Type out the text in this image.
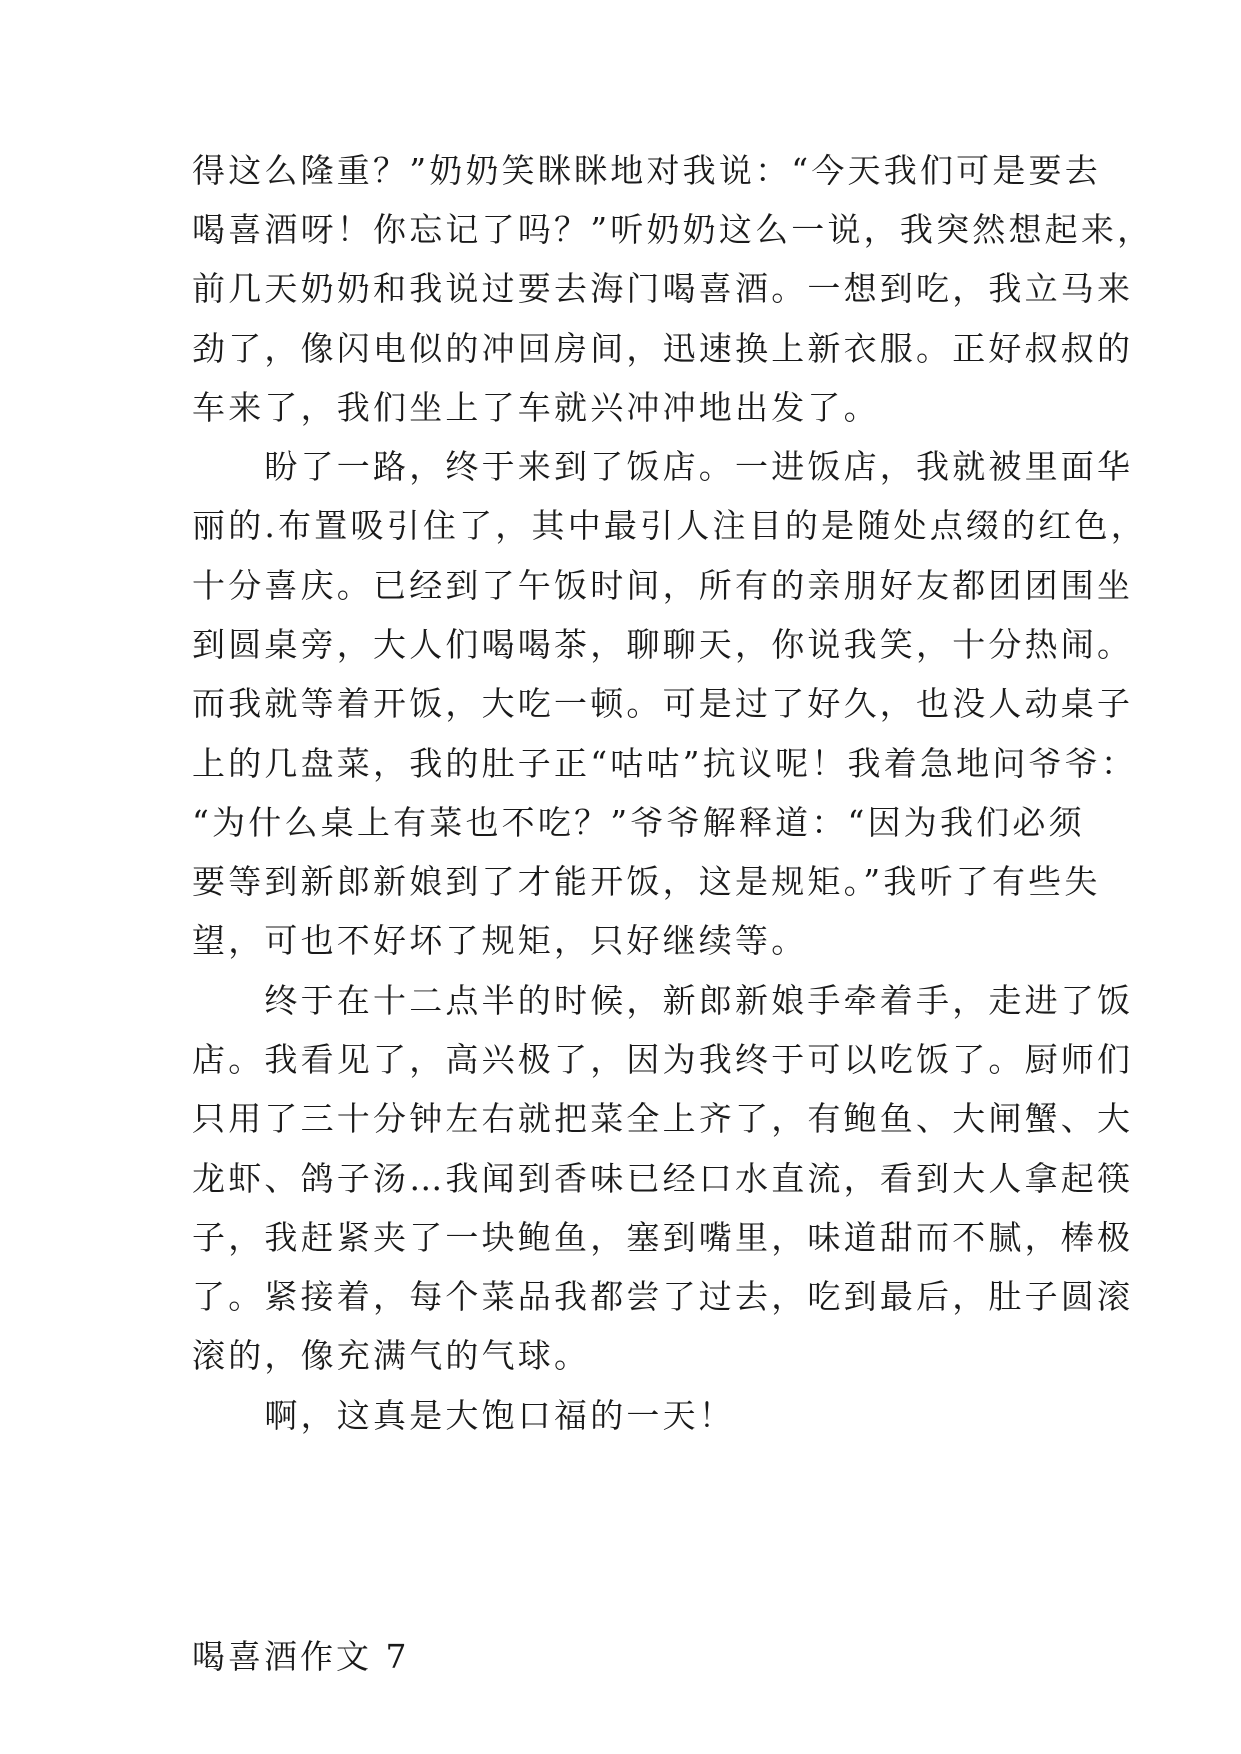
得这么隆重？”奶奶笑眯眯地对我说：“今天我们可是要去
喝喜酒呀！你忘记了吗？”听奶奶这么一说，我突然想起来，
前几天奶奶和我说过要去海门喝喜酒。一想到吃，我立马来
劲了，像闪电似的冲回房间，迅速换上新衣服。正好叔叔的
车来了，我们坐上了车就兴冲冲地出发了。
　　盼了一路，终于来到了饭店。一进饭店，我就被里面华
丽的.布置吸引住了，其中最引人注目的是随处点缀的红色，
十分喜庆。已经到了午饭时间，所有的亲朋好友都团团围坐
到圆桌旁，大人们喝喝茶，聊聊天，你说我笑，十分热闹。
而我就等着开饭，大吃一顿。可是过了好久，也没人动桌子
上的几盘菜，我的肚子正“咕咕”抗议呢！我着急地问爷爷：
“为什么桌上有菜也不吃？”爷爷解释道：“因为我们必须
要等到新郎新娘到了才能开饭，这是规矩。”我听了有些失
望，可也不好坏了规矩，只好继续等。
　　终于在十二点半的时候，新郎新娘手牵着手，走进了饭
店。我看见了，高兴极了，因为我终于可以吃饭了。厨师们
只用了三十分钟左右就把菜全上齐了，有鲍鱼、大闸蟹、大
龙虾、鸽子汤…我闻到香味已经口水直流，看到大人拿起筷
子，我赶紧夹了一块鲍鱼，塞到嘴里，味道甜而不腻，棒极
了。紧接着，每个菜品我都尝了过去，吃到最后，肚子圆滚
滚的，像充满气的气球。
　　啊，这真是大饱口福的一天！
喝喜酒作文 7
